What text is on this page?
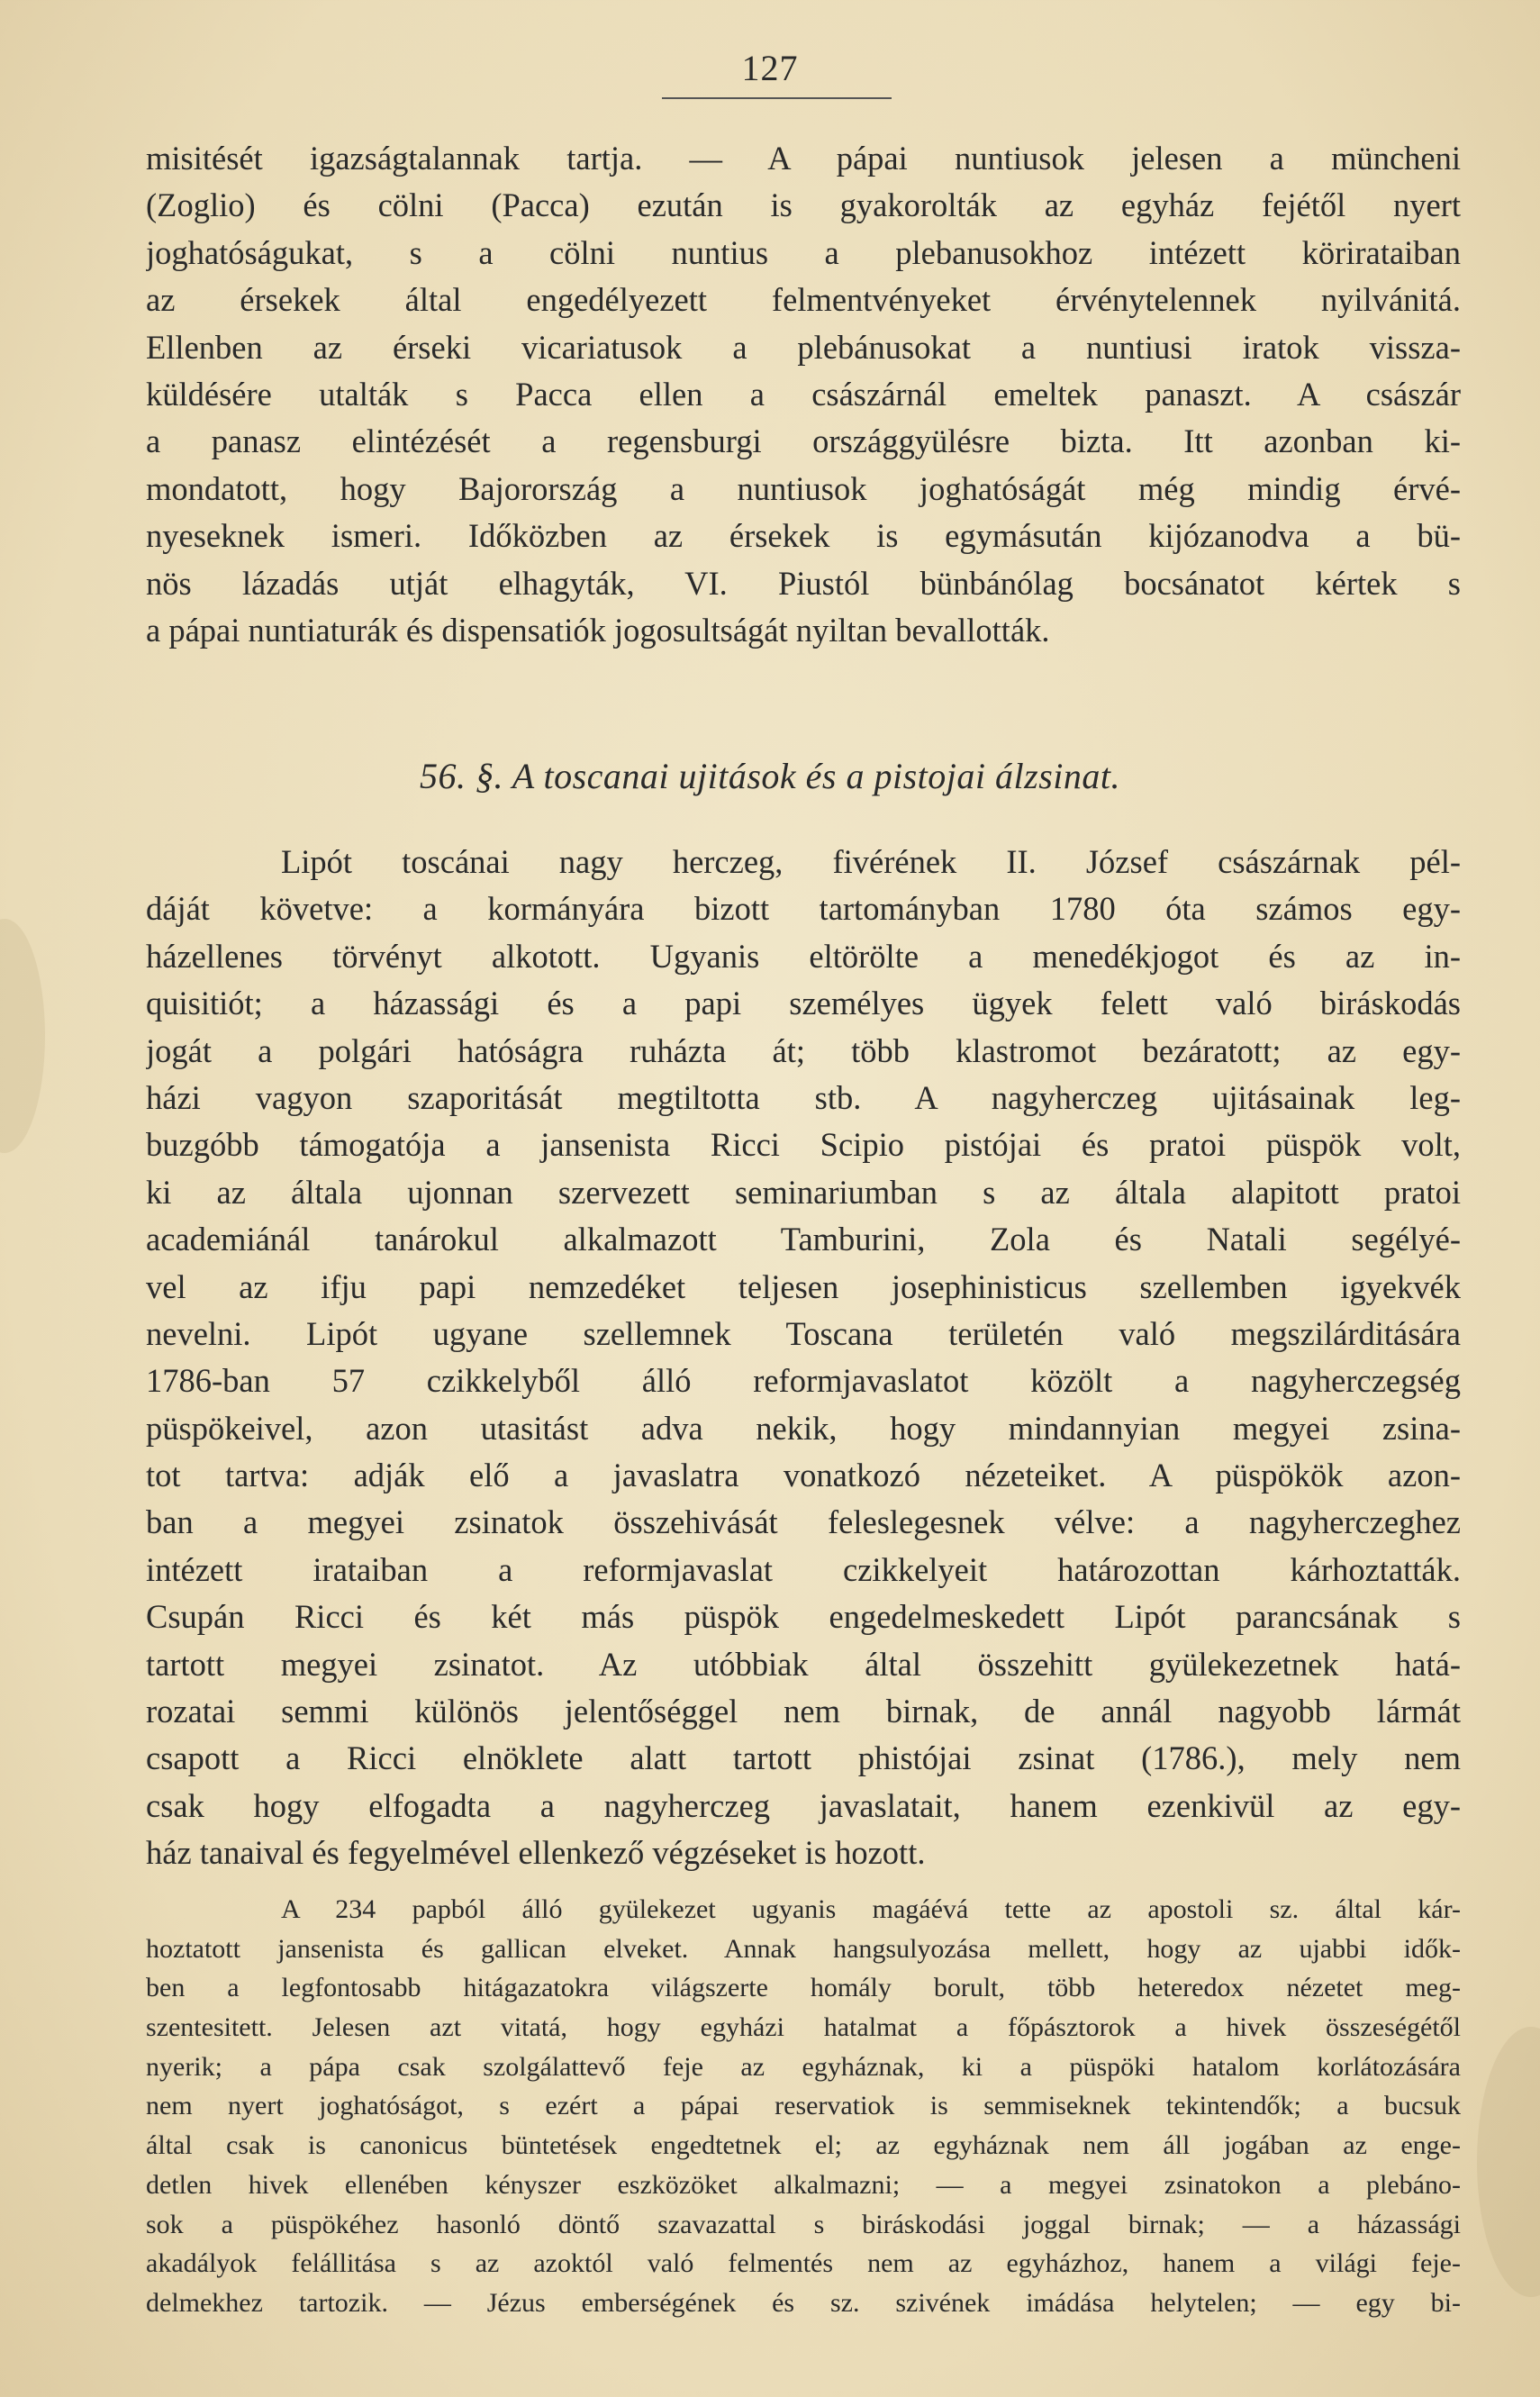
127
misitését igazságtalannak tartja. — A pápai nuntiusok jelesen a müncheni
(Zoglio) és cölni (Pacca) ezután is gyakorolták az egyház fejétől nyert
joghatóságukat, s a cölni nuntius a plebanusokhoz intézett körirataiban
az érsekek által engedélyezett felmentvényeket érvénytelennek nyilvánitá.
Ellenben az érseki vicariatusok a plebánusokat a nuntiusi iratok vissza-
küldésére utalták s Pacca ellen a császárnál emeltek panaszt. A császár
a panasz elintézését a regensburgi országgyülésre bizta. Itt azonban ki-
mondatott, hogy Bajorország a nuntiusok joghatóságát még mindig érvé-
nyeseknek ismeri. Időközben az érsekek is egymásután kijózanodva a bü-
nös lázadás utját elhagyták, VI. Piustól bünbánólag bocsánatot kértek s
a pápai nuntiaturák és dispensatiók jogosultságát nyiltan bevallották.
56. §. A toscanai ujitások és a pistojai álzsinat.
Lipót toscánai nagy herczeg, fivérének II. József császárnak pél-
dáját követve: a kormányára bizott tartományban 1780 óta számos egy-
házellenes törvényt alkotott. Ugyanis eltörölte a menedékjogot és az in-
quisitiót; a házassági és a papi személyes ügyek felett való biráskodás
jogát a polgári hatóságra ruházta át; több klastromot bezáratott; az egy-
házi vagyon szaporitását megtiltotta stb. A nagyherczeg ujitásainak leg-
buzgóbb támogatója a jansenista Ricci Scipio pistójai és pratoi püspök volt,
ki az általa ujonnan szervezett seminariumban s az általa alapitott pratoi
academiánál tanárokul alkalmazott Tamburini, Zola és Natali segélyé-
vel az ifju papi nemzedéket teljesen josephinisticus szellemben igyekvék
nevelni. Lipót ugyane szellemnek Toscana területén való megszilárditására
1786-ban 57 czikkelyből álló reformjavaslatot közölt a nagyherczegség
püspökeivel, azon utasitást adva nekik, hogy mindannyian megyei zsina-
tot tartva: adják elő a javaslatra vonatkozó nézeteiket. A püspökök azon-
ban a megyei zsinatok összehivását feleslegesnek vélve: a nagyherczeghez
intézett irataiban a reformjavaslat czikkelyeit határozottan kárhoztatták.
Csupán Ricci és két más püspök engedelmeskedett Lipót parancsának s
tartott megyei zsinatot. Az utóbbiak által összehitt gyülekezetnek hatá-
rozatai semmi különös jelentőséggel nem birnak, de annál nagyobb lármát
csapott a Ricci elnöklete alatt tartott phistójai zsinat (1786.), mely nem
csak hogy elfogadta a nagyherczeg javaslatait, hanem ezenkivül az egy-
ház tanaival és fegyelmével ellenkező végzéseket is hozott.
A 234 papból álló gyülekezet ugyanis magáévá tette az apostoli sz. által kár-
hoztatott jansenista és gallican elveket. Annak hangsulyozása mellett, hogy az ujabbi idők-
ben a legfontosabb hitágazatokra világszerte homály borult, több heteredox nézetet meg-
szentesitett. Jelesen azt vitatá, hogy egyházi hatalmat a főpásztorok a hivek összeségétől
nyerik; a pápa csak szolgálattevő feje az egyháznak, ki a püspöki hatalom korlátozására
nem nyert joghatóságot, s ezért a pápai reservatiok is semmiseknek tekintendők; a bucsuk
által csak is canonicus büntetések engedtetnek el; az egyháznak nem áll jogában az enge-
detlen hivek ellenében kényszer eszközöket alkalmazni; — a megyei zsinatokon a plebáno-
sok a püspökéhez hasonló döntő szavazattal s biráskodási joggal birnak; — a házassági
akadályok felállitása s az azoktól való felmentés nem az egyházhoz, hanem a világi feje-
delmekhez tartozik. — Jézus emberségének és sz. szivének imádása helytelen; — egy bi-
